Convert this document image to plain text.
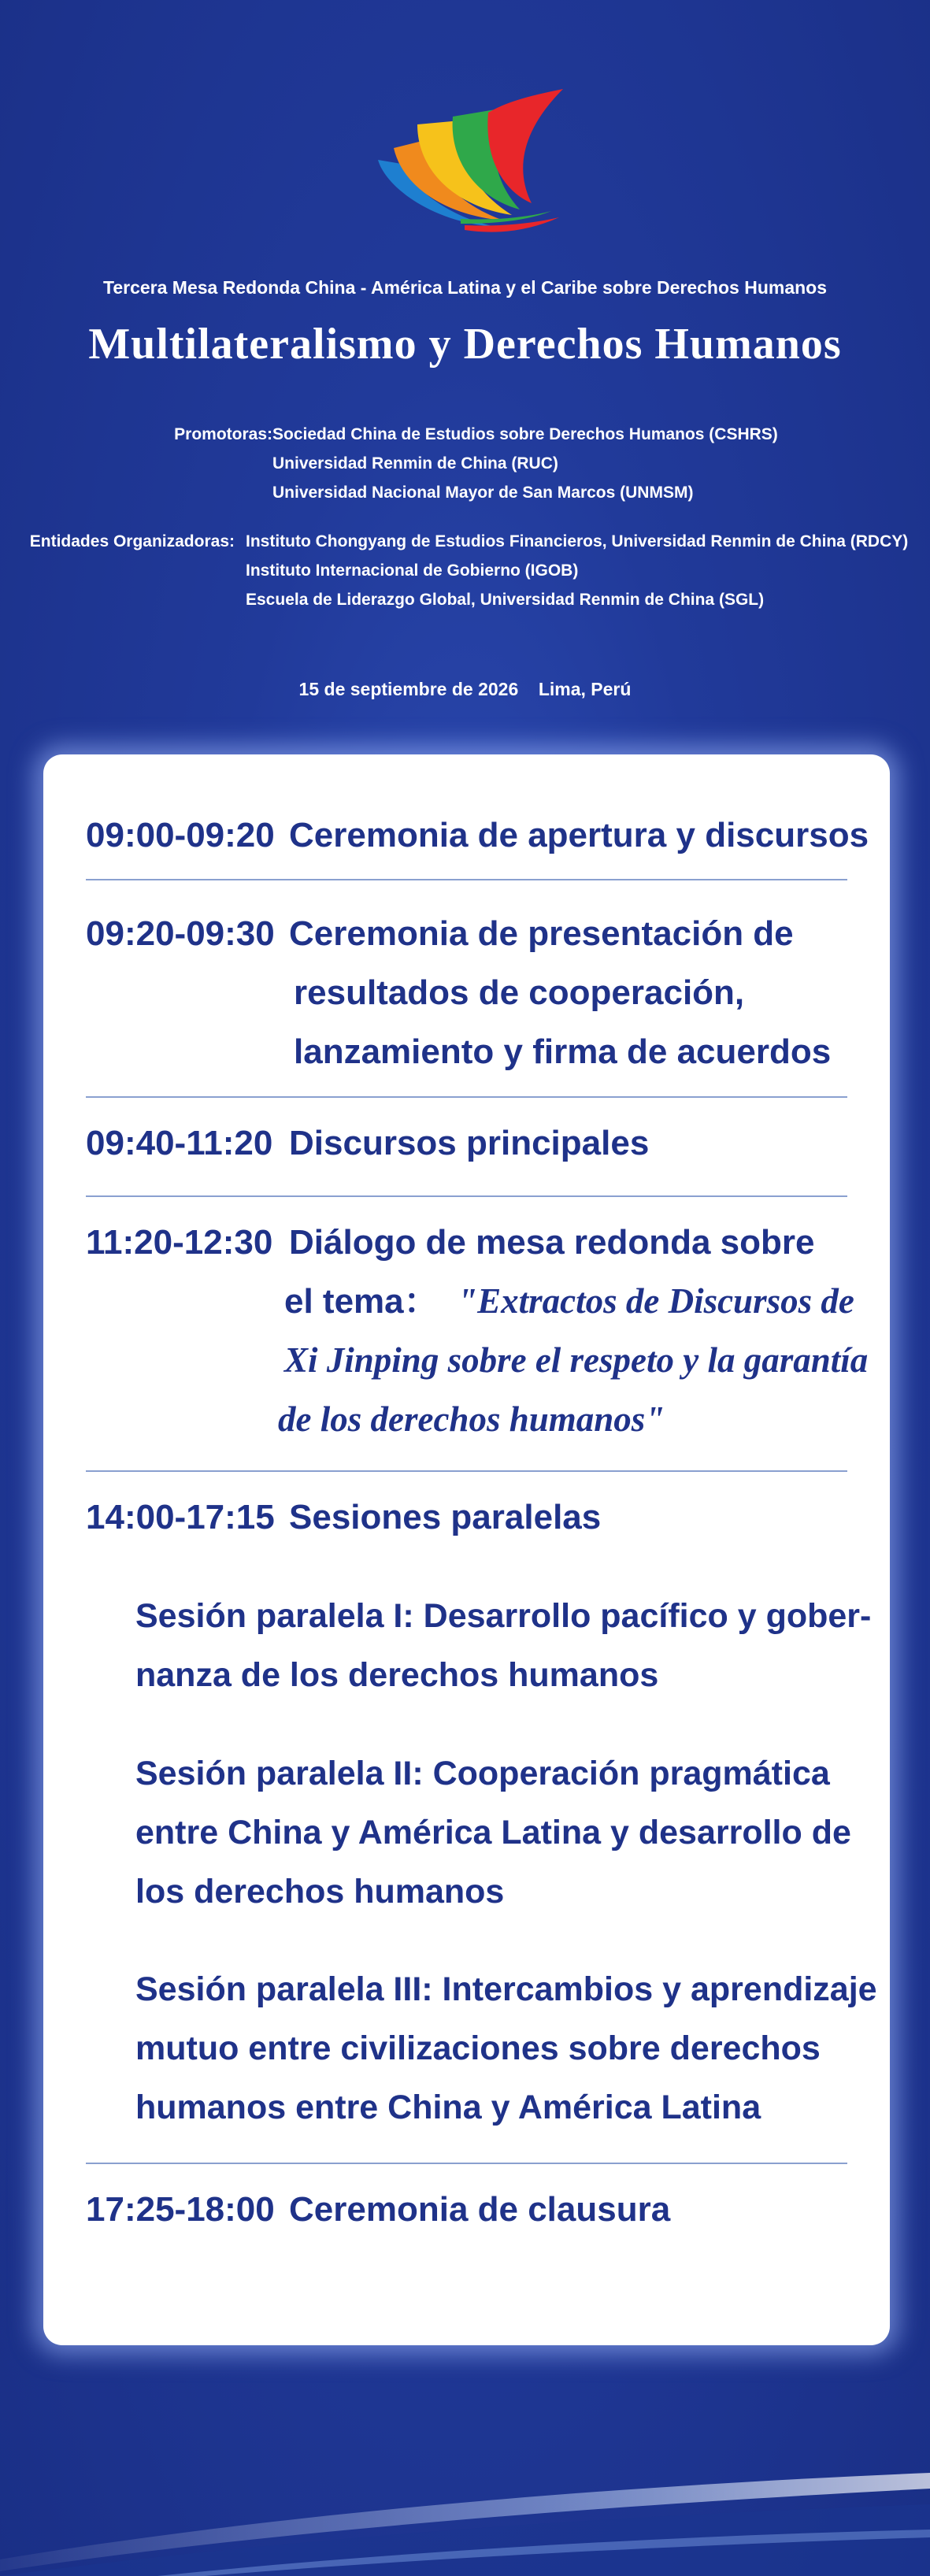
Tercera Mesa Redonda China - América Latina y el Caribe sobre Derechos Humanos
Multilateralismo y Derechos Humanos
Promotoras: Sociedad China de Estudios sobre Derechos Humanos (CSHRS)
Universidad Renmin de China (RUC)
Universidad Nacional Mayor de San Marcos (UNMSM)
Entidades Organizadoras: Instituto Chongyang de Estudios Financieros, Universidad Renmin de China (RDCY)
Instituto Internacional de Gobierno (IGOB)
Escuela de Liderazgo Global, Universidad Renmin de China (SGL)
15 de septiembre de 2026 Lima, Perú
09:00-09:20 Ceremonia de apertura y discursos
09:20-09:30 Ceremonia de presentación de
resultados de cooperación,
lanzamiento y firma de acuerdos
09:40-11:20 Discursos principales
11:20-12:30 Diálogo de mesa redonda sobre
el tema： "Extractos de Discursos de
Xi Jinping sobre el respeto y la garantía
de los derechos humanos"
14:00-17:15 Sesiones paralelas
Sesión paralela I: Desarrollo pacífico y gober-
nanza de los derechos humanos
Sesión paralela II: Cooperación pragmática
entre China y América Latina y desarrollo de
los derechos humanos
Sesión paralela III: Intercambios y aprendizaje
mutuo entre civilizaciones sobre derechos
humanos entre China y América Latina
17:25-18:00 Ceremonia de clausura
